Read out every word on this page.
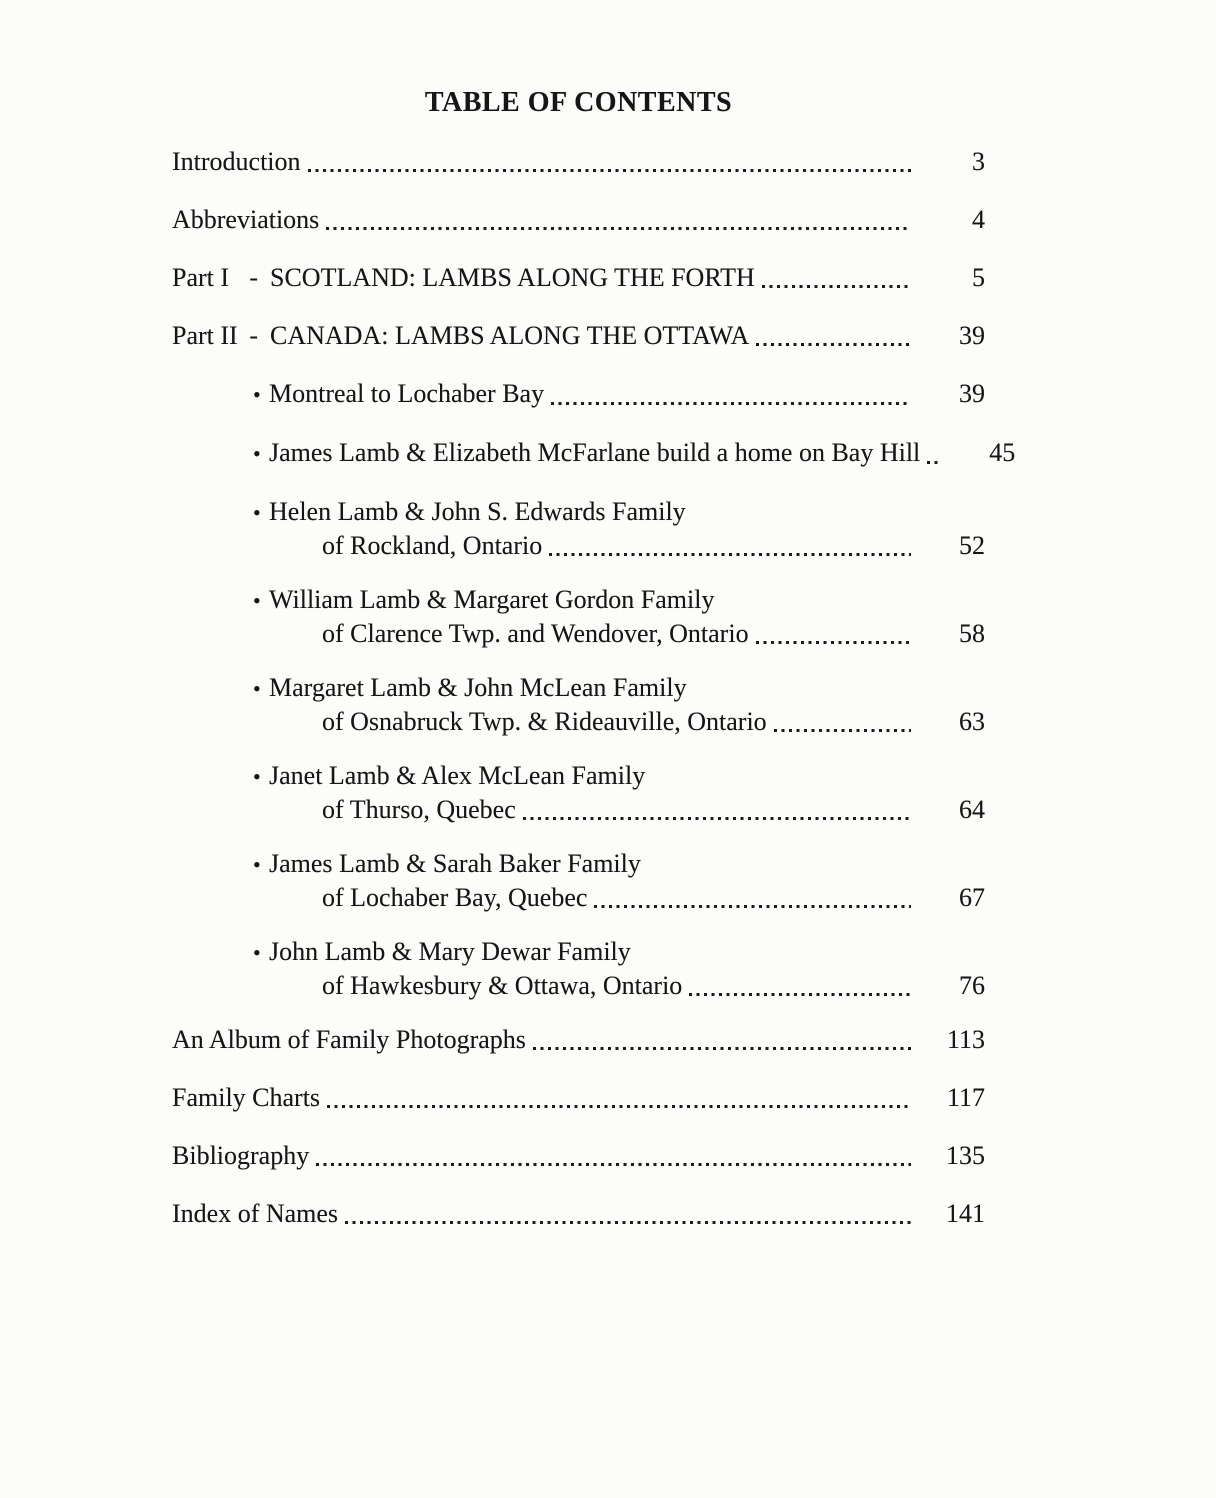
TABLE OF CONTENTS
Introduction	3
Abbreviations	4
Part I - SCOTLAND: LAMBS ALONG THE FORTH	5
Part II - CANADA: LAMBS ALONG THE OTTAWA	39
• Montreal to Lochaber Bay	39
• James Lamb & Elizabeth McFarlane build a home on Bay Hill	45
• Helen Lamb & John S. Edwards Family
of Rockland, Ontario	52
• William Lamb & Margaret Gordon Family
of Clarence Twp. and Wendover, Ontario	58
• Margaret Lamb & John McLean Family
of Osnabruck Twp. & Rideauville, Ontario	63
• Janet Lamb & Alex McLean Family
of Thurso, Quebec	64
• James Lamb & Sarah Baker Family
of Lochaber Bay, Quebec	67
• John Lamb & Mary Dewar Family
of Hawkesbury & Ottawa, Ontario	76
An Album of Family Photographs	113
Family Charts	117
Bibliography	135
Index of Names	141
